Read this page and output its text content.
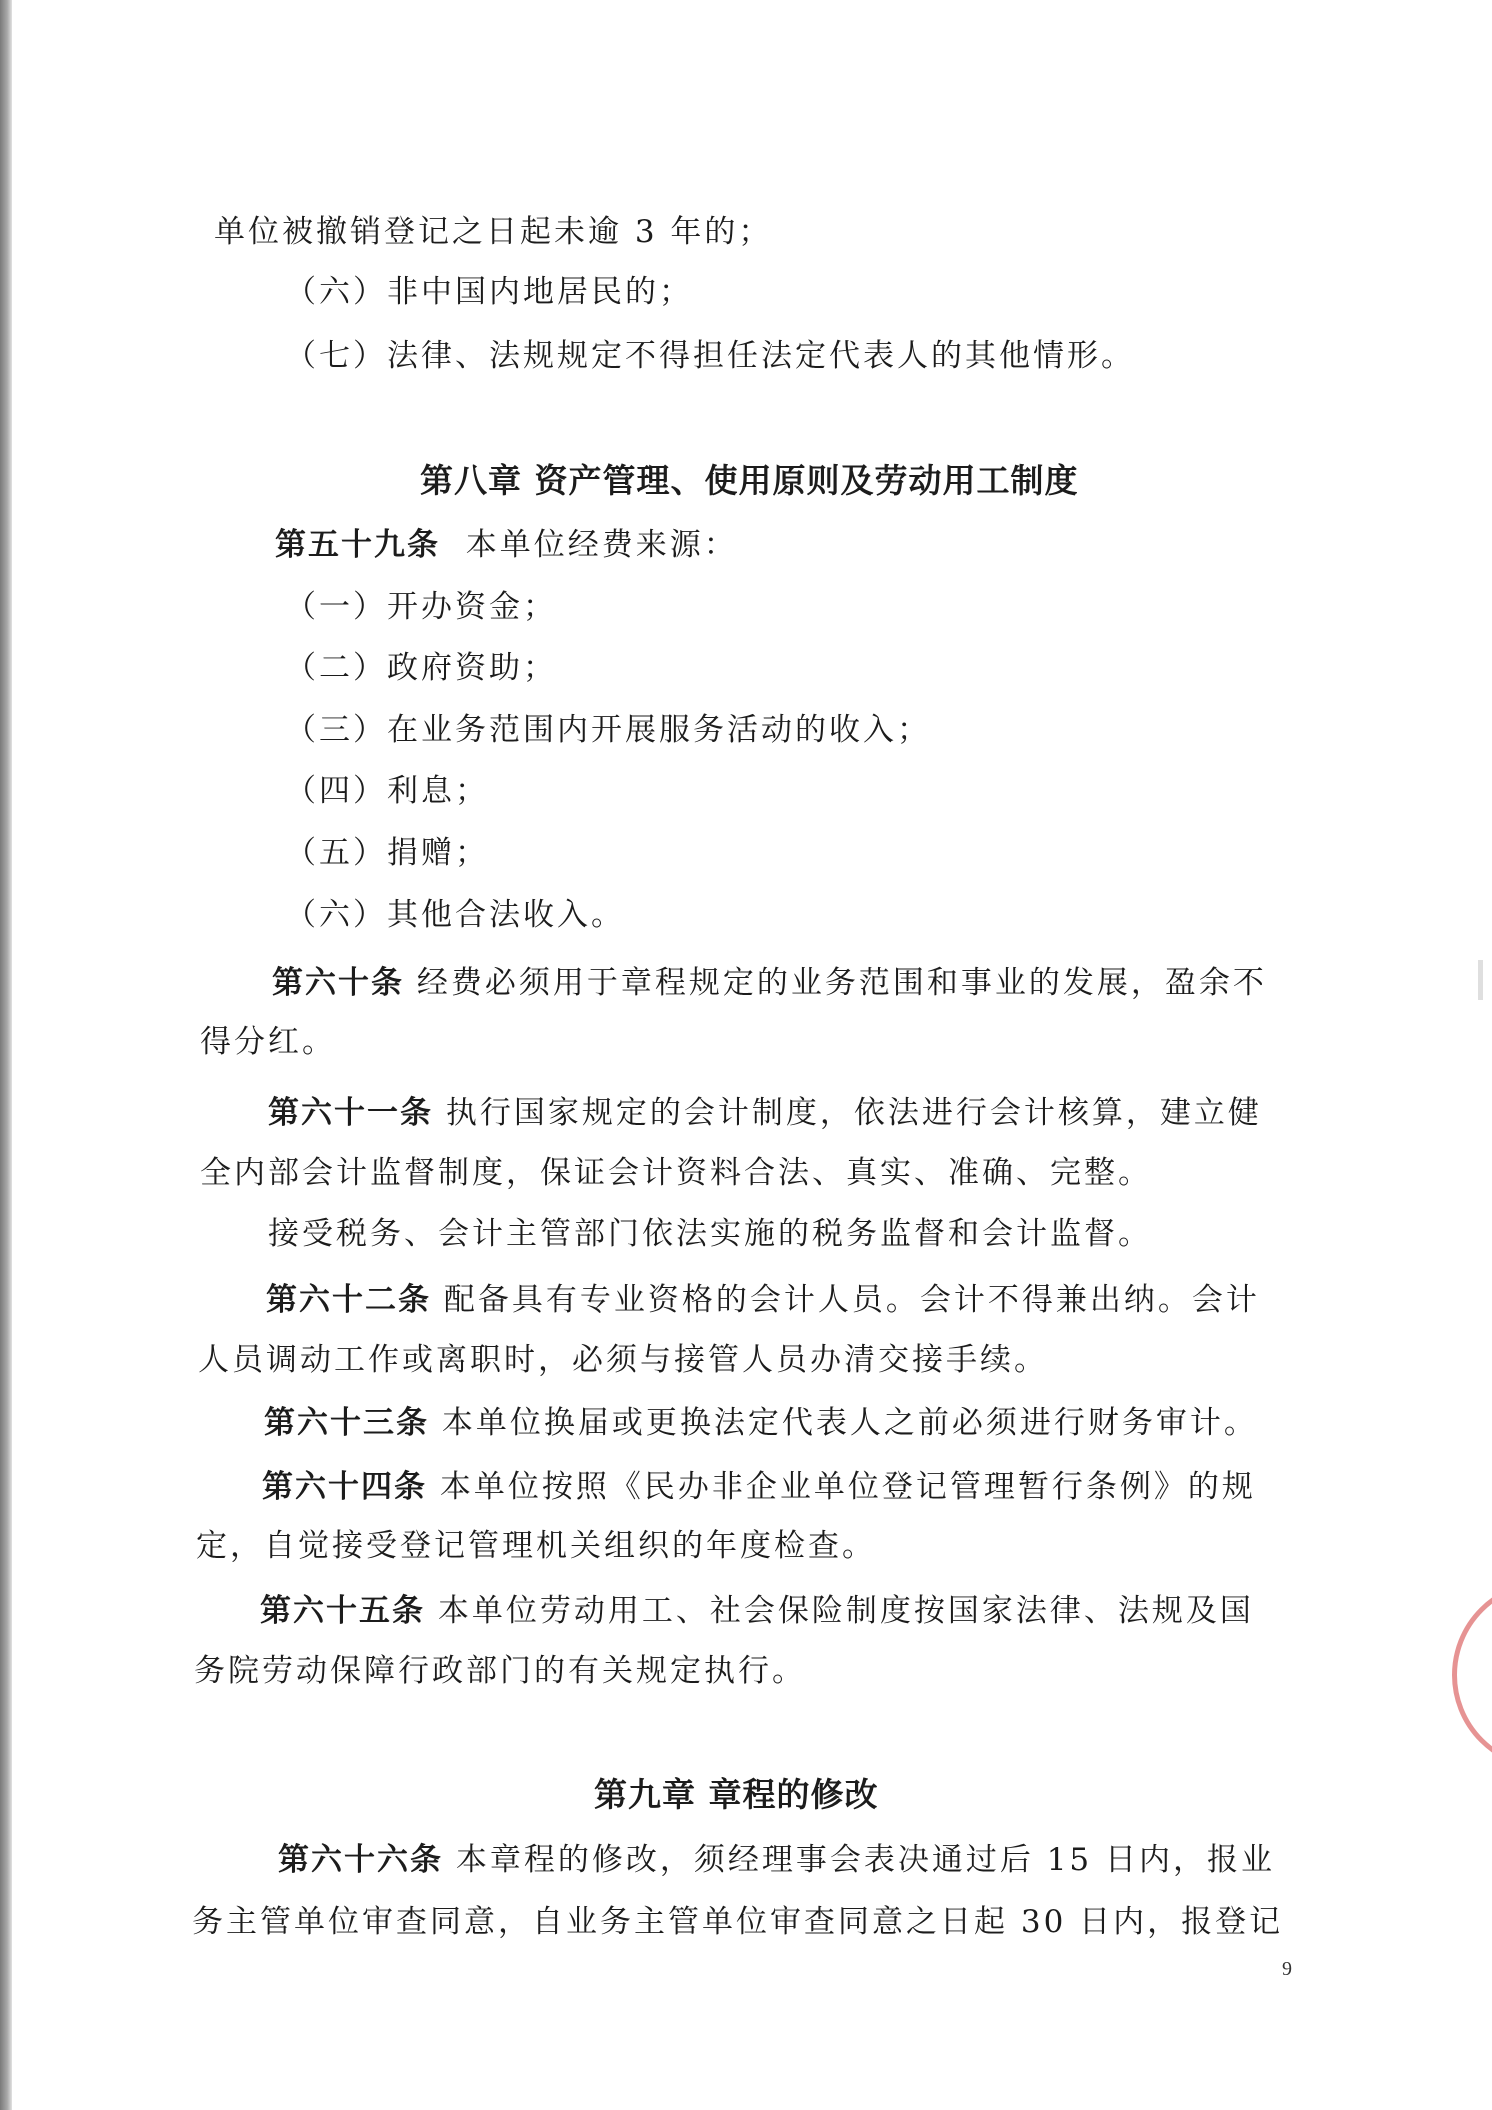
单位被撤销登记之日起未逾 3 年的；
（六）非中国内地居民的；
（七）法律、法规规定不得担任法定代表人的其他情形。
第八章 资产管理、使用原则及劳动用工制度
第五十九条 本单位经费来源：
（一）开办资金；
（二）政府资助；
（三）在业务范围内开展服务活动的收入；
（四）利息；
（五）捐赠；
（六）其他合法收入。
第六十条 经费必须用于章程规定的业务范围和事业的发展，盈余不
得分红。
第六十一条 执行国家规定的会计制度，依法进行会计核算，建立健
全内部会计监督制度，保证会计资料合法、真实、准确、完整。
接受税务、会计主管部门依法实施的税务监督和会计监督。
第六十二条 配备具有专业资格的会计人员。会计不得兼出纳。会计
人员调动工作或离职时，必须与接管人员办清交接手续。
第六十三条 本单位换届或更换法定代表人之前必须进行财务审计。
第六十四条 本单位按照《民办非企业单位登记管理暂行条例》的规
定，自觉接受登记管理机关组织的年度检查。
第六十五条 本单位劳动用工、社会保险制度按国家法律、法规及国
务院劳动保障行政部门的有关规定执行。
第九章 章程的修改
第六十六条 本章程的修改，须经理事会表决通过后 15 日内，报业
务主管单位审查同意，自业务主管单位审查同意之日起 30 日内，报登记
9
